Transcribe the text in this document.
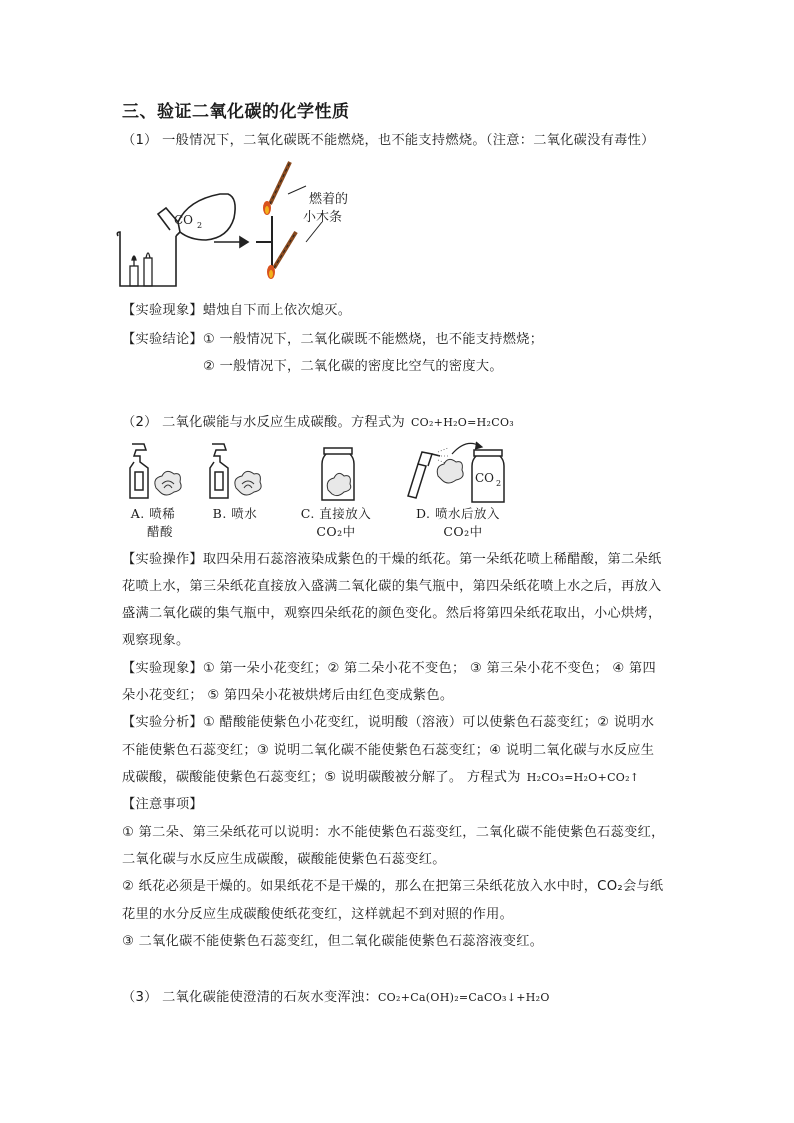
三、验证二氧化碳的化学性质
（1） 一般情况下，二氧化碳既不能燃烧，也不能支持燃烧。（注意：二氧化碳没有毒性）
CO 2
燃着的
小木条
【实验现象】蜡烛自下而上依次熄灭。
【实验结论】① 一般情况下，二氧化碳既不能燃烧，也不能支持燃烧；
② 一般情况下，二氧化碳的密度比空气的密度大。
（2） 二氧化碳能与水反应生成碳酸。方程式为 CO₂+H₂O=H₂CO₃
CO 2
A. 喷稀
醋酸
B. 喷水	C. 直接放入
CO₂中
D. 喷水后放入
CO₂中
【实验操作】取四朵用石蕊溶液染成紫色的干燥的纸花。第一朵纸花喷上稀醋酸，第二朵纸
花喷上水，第三朵纸花直接放入盛满二氧化碳的集气瓶中，第四朵纸花喷上水之后，再放入
盛满二氧化碳的集气瓶中，观察四朵纸花的颜色变化。然后将第四朵纸花取出，小心烘烤，
观察现象。
【实验现象】① 第一朵小花变红；② 第二朵小花不变色； ③ 第三朵小花不变色； ④ 第四
朵小花变红； ⑤ 第四朵小花被烘烤后由红色变成紫色。
【实验分析】① 醋酸能使紫色小花变红，说明酸（溶液）可以使紫色石蕊变红；② 说明水
不能使紫色石蕊变红；③ 说明二氧化碳不能使紫色石蕊变红；④ 说明二氧化碳与水反应生
成碳酸，碳酸能使紫色石蕊变红；⑤ 说明碳酸被分解了。 方程式为 H₂CO₃=H₂O+CO₂↑
【注意事项】
① 第二朵、第三朵纸花可以说明：水不能使紫色石蕊变红，二氧化碳不能使紫色石蕊变红，
二氧化碳与水反应生成碳酸，碳酸能使紫色石蕊变红。
② 纸花必须是干燥的。如果纸花不是干燥的，那么在把第三朵纸花放入水中时，CO₂会与纸
花里的水分反应生成碳酸使纸花变红，这样就起不到对照的作用。
③ 二氧化碳不能使紫色石蕊变红，但二氧化碳能使紫色石蕊溶液变红。
（3） 二氧化碳能使澄清的石灰水变浑浊：CO₂+Ca(OH)₂=CaCO₃↓+H₂O
